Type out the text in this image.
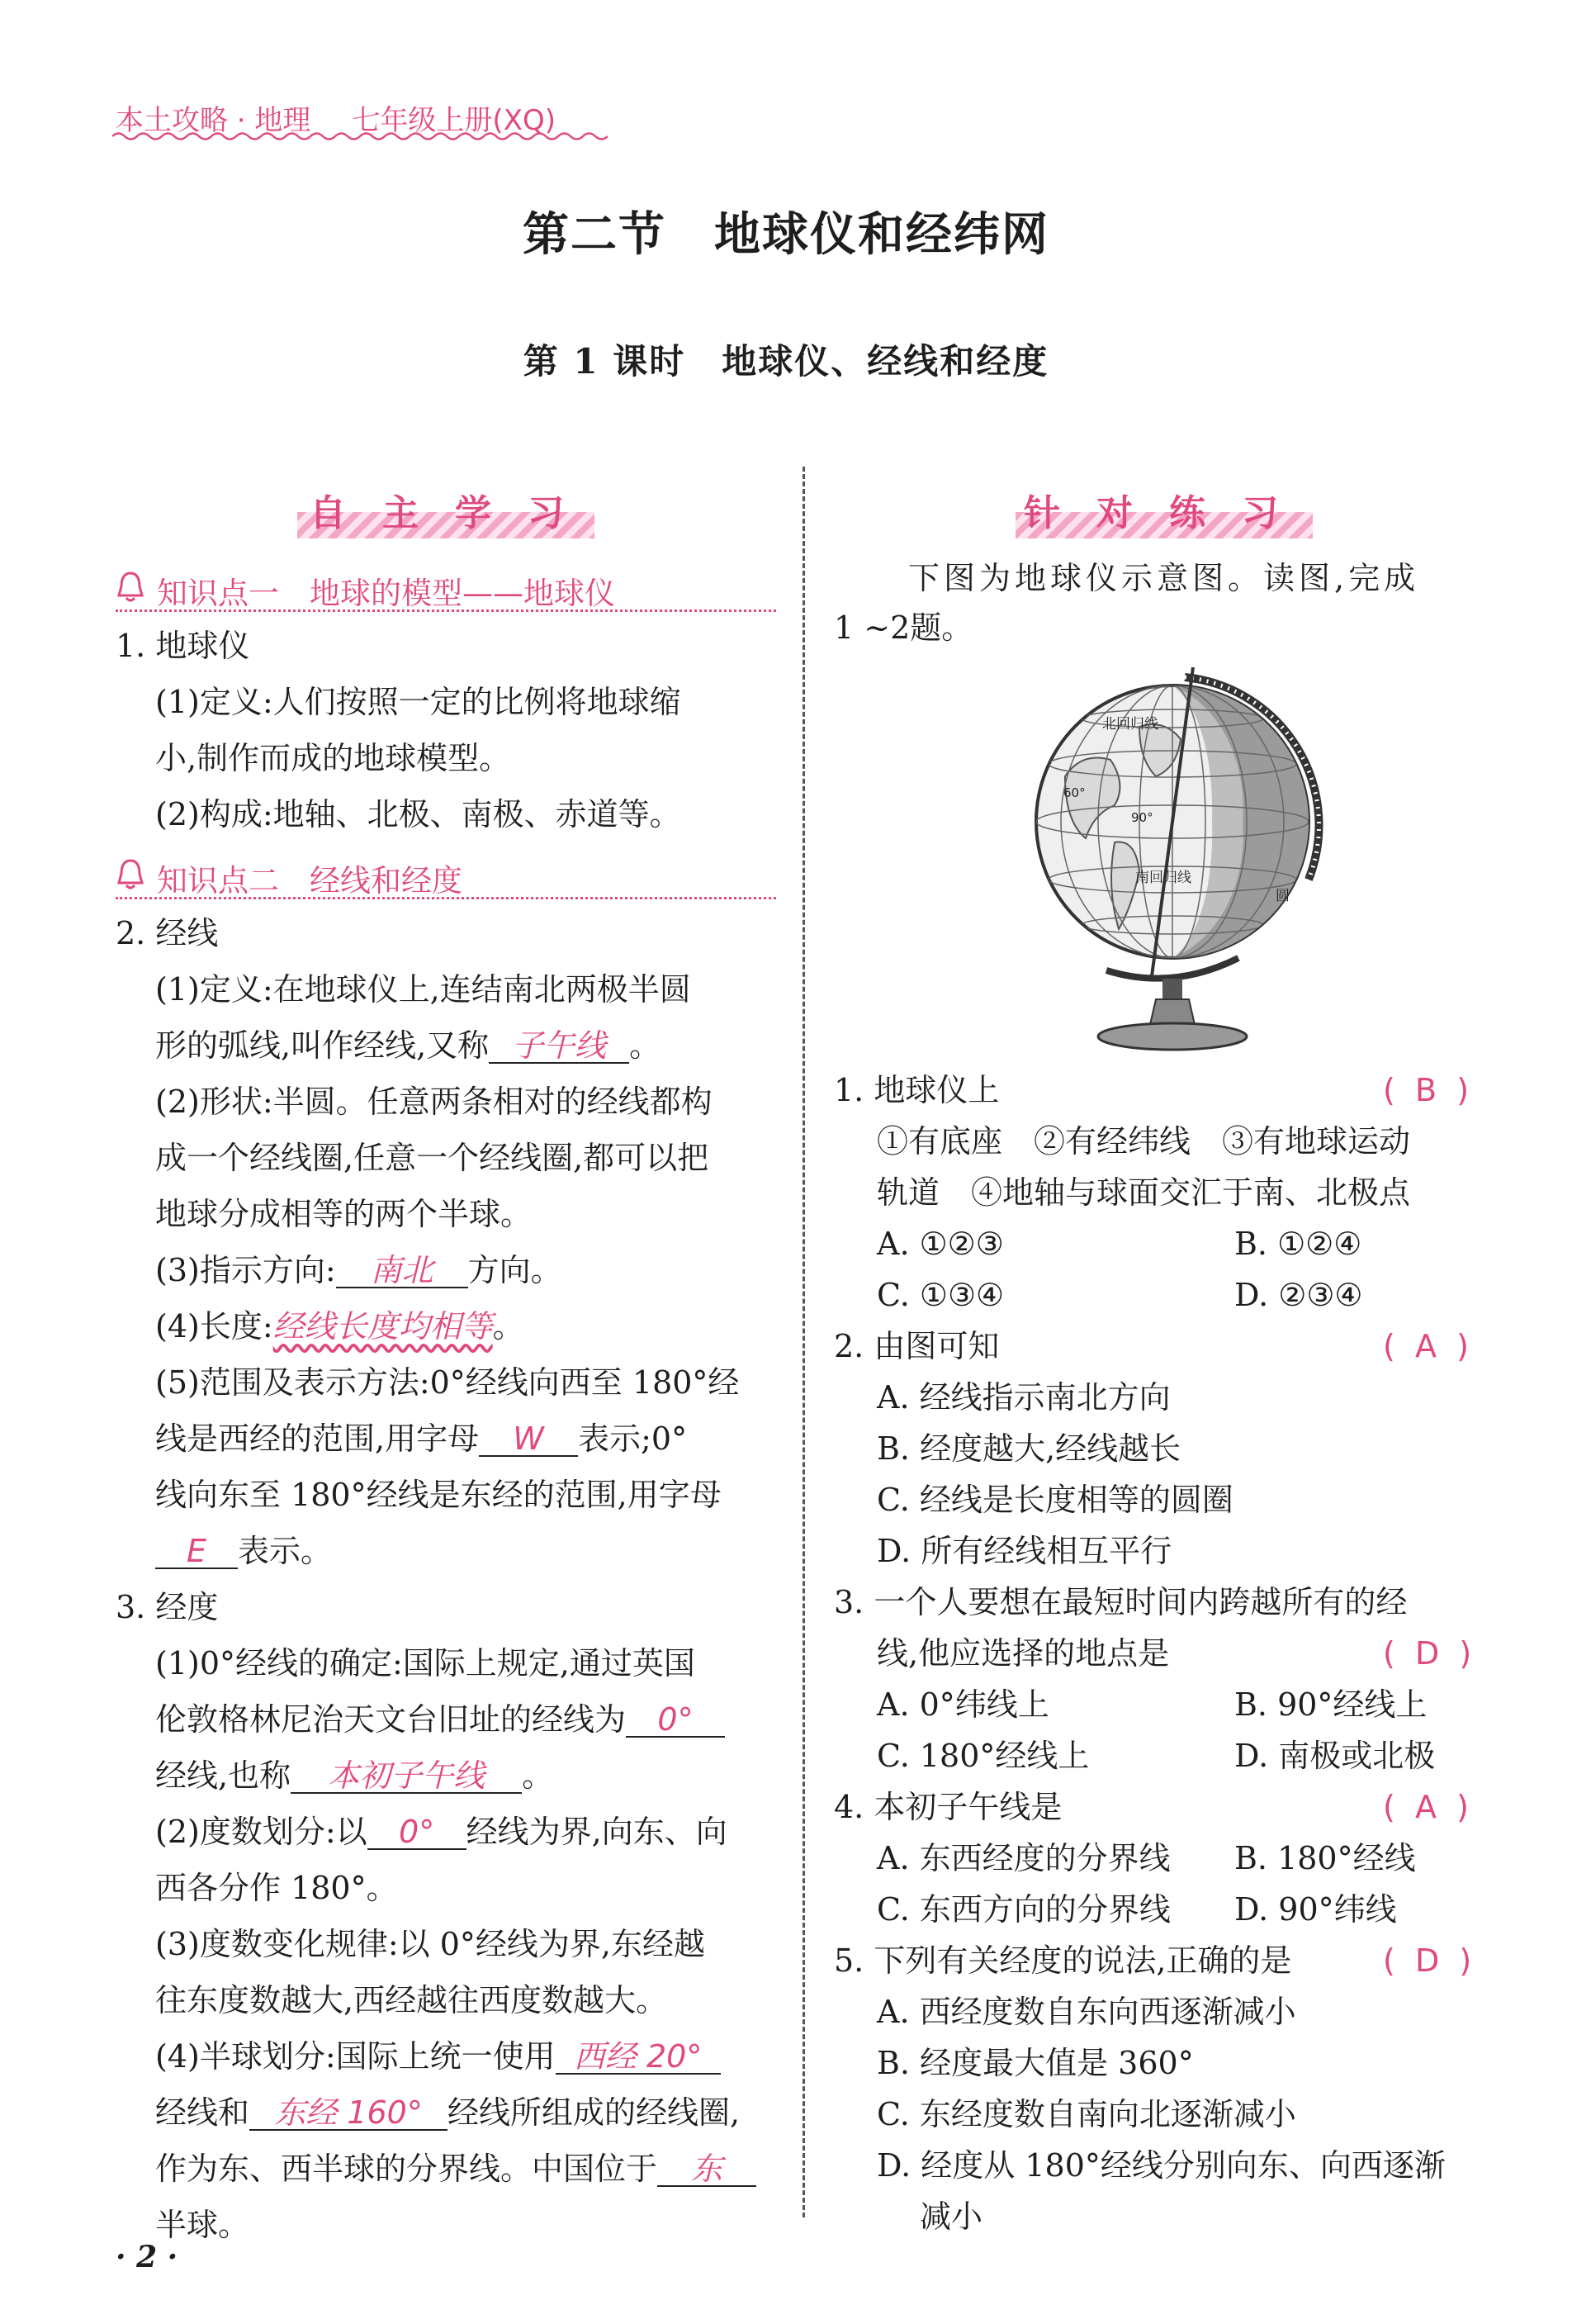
本土攻略 · 地理 七年级上册(XQ)
第二节　地球仪和经纬网
第 1 课时　地球仪、经线和经度
自主学习
知识点一　地球的模型——地球仪
1. 地球仪
(1)定义:人们按照一定的比例将地球缩
小,制作而成的地球模型。
(2)构成:地轴、北极、南极、赤道等。
知识点二　经线和经度
2. 经线
(1)定义:在地球仪上,连结南北两极半圆
形的弧线,叫作经线,又称 子午线 。
(2)形状:半圆。任意两条相对的经线都构
成一个经线圈,任意一个经线圈,都可以把
地球分成相等的两个半球。
(3)指示方向: 南北 方向。
(4)长度:经线长度均相等。
(5)范围及表示方法:0°经线向西至 180°经
线是西经的范围,用字母 W 表示;0°
线向东至 180°经线是东经的范围,用字母
E 表示。
3. 经度
(1)0°经线的确定:国际上规定,通过英国
伦敦格林尼治天文台旧址的经线为 0°
经线,也称 本初子午线 。
(2)度数划分:以 0° 经线为界,向东、向
西各分作 180°。
(3)度数变化规律:以 0°经线为界,东经越
往东度数越大,西经越往西度数越大。
(4)半球划分:国际上统一使用 西经 20°
经线和 东经 160° 经线所组成的经线圈,
作为东、西半球的分界线。中国位于 东
半球。
针对练习
下图为地球仪示意图。读图,完成
1 ~2题。
北回归线
南回归线
60°
90°
圆
1. 地球仪上	(  B  )
①有底座　②有经纬线　③有地球运动
轨道　④地轴与球面交汇于南、北极点
A. ①②③	B. ①②④
C. ①③④	D. ②③④
2. 由图可知	(  A  )
A. 经线指示南北方向
B. 经度越大,经线越长
C. 经线是长度相等的圆圈
D. 所有经线相互平行
3. 一个人要想在最短时间内跨越所有的经
线,他应选择的地点是	(  D  )
A. 0°纬线上	B. 90°经线上
C. 180°经线上	D. 南极或北极
4. 本初子午线是	(  A  )
A. 东西经度的分界线 B. 180°经线
C. 东西方向的分界线 D. 90°纬线
5. 下列有关经度的说法,正确的是	(  D  )
A. 西经度数自东向西逐渐减小
B. 经度最大值是 360°
C. 东经度数自南向北逐渐减小
D. 经度从 180°经线分别向东、向西逐渐
减小
· 2 ·
